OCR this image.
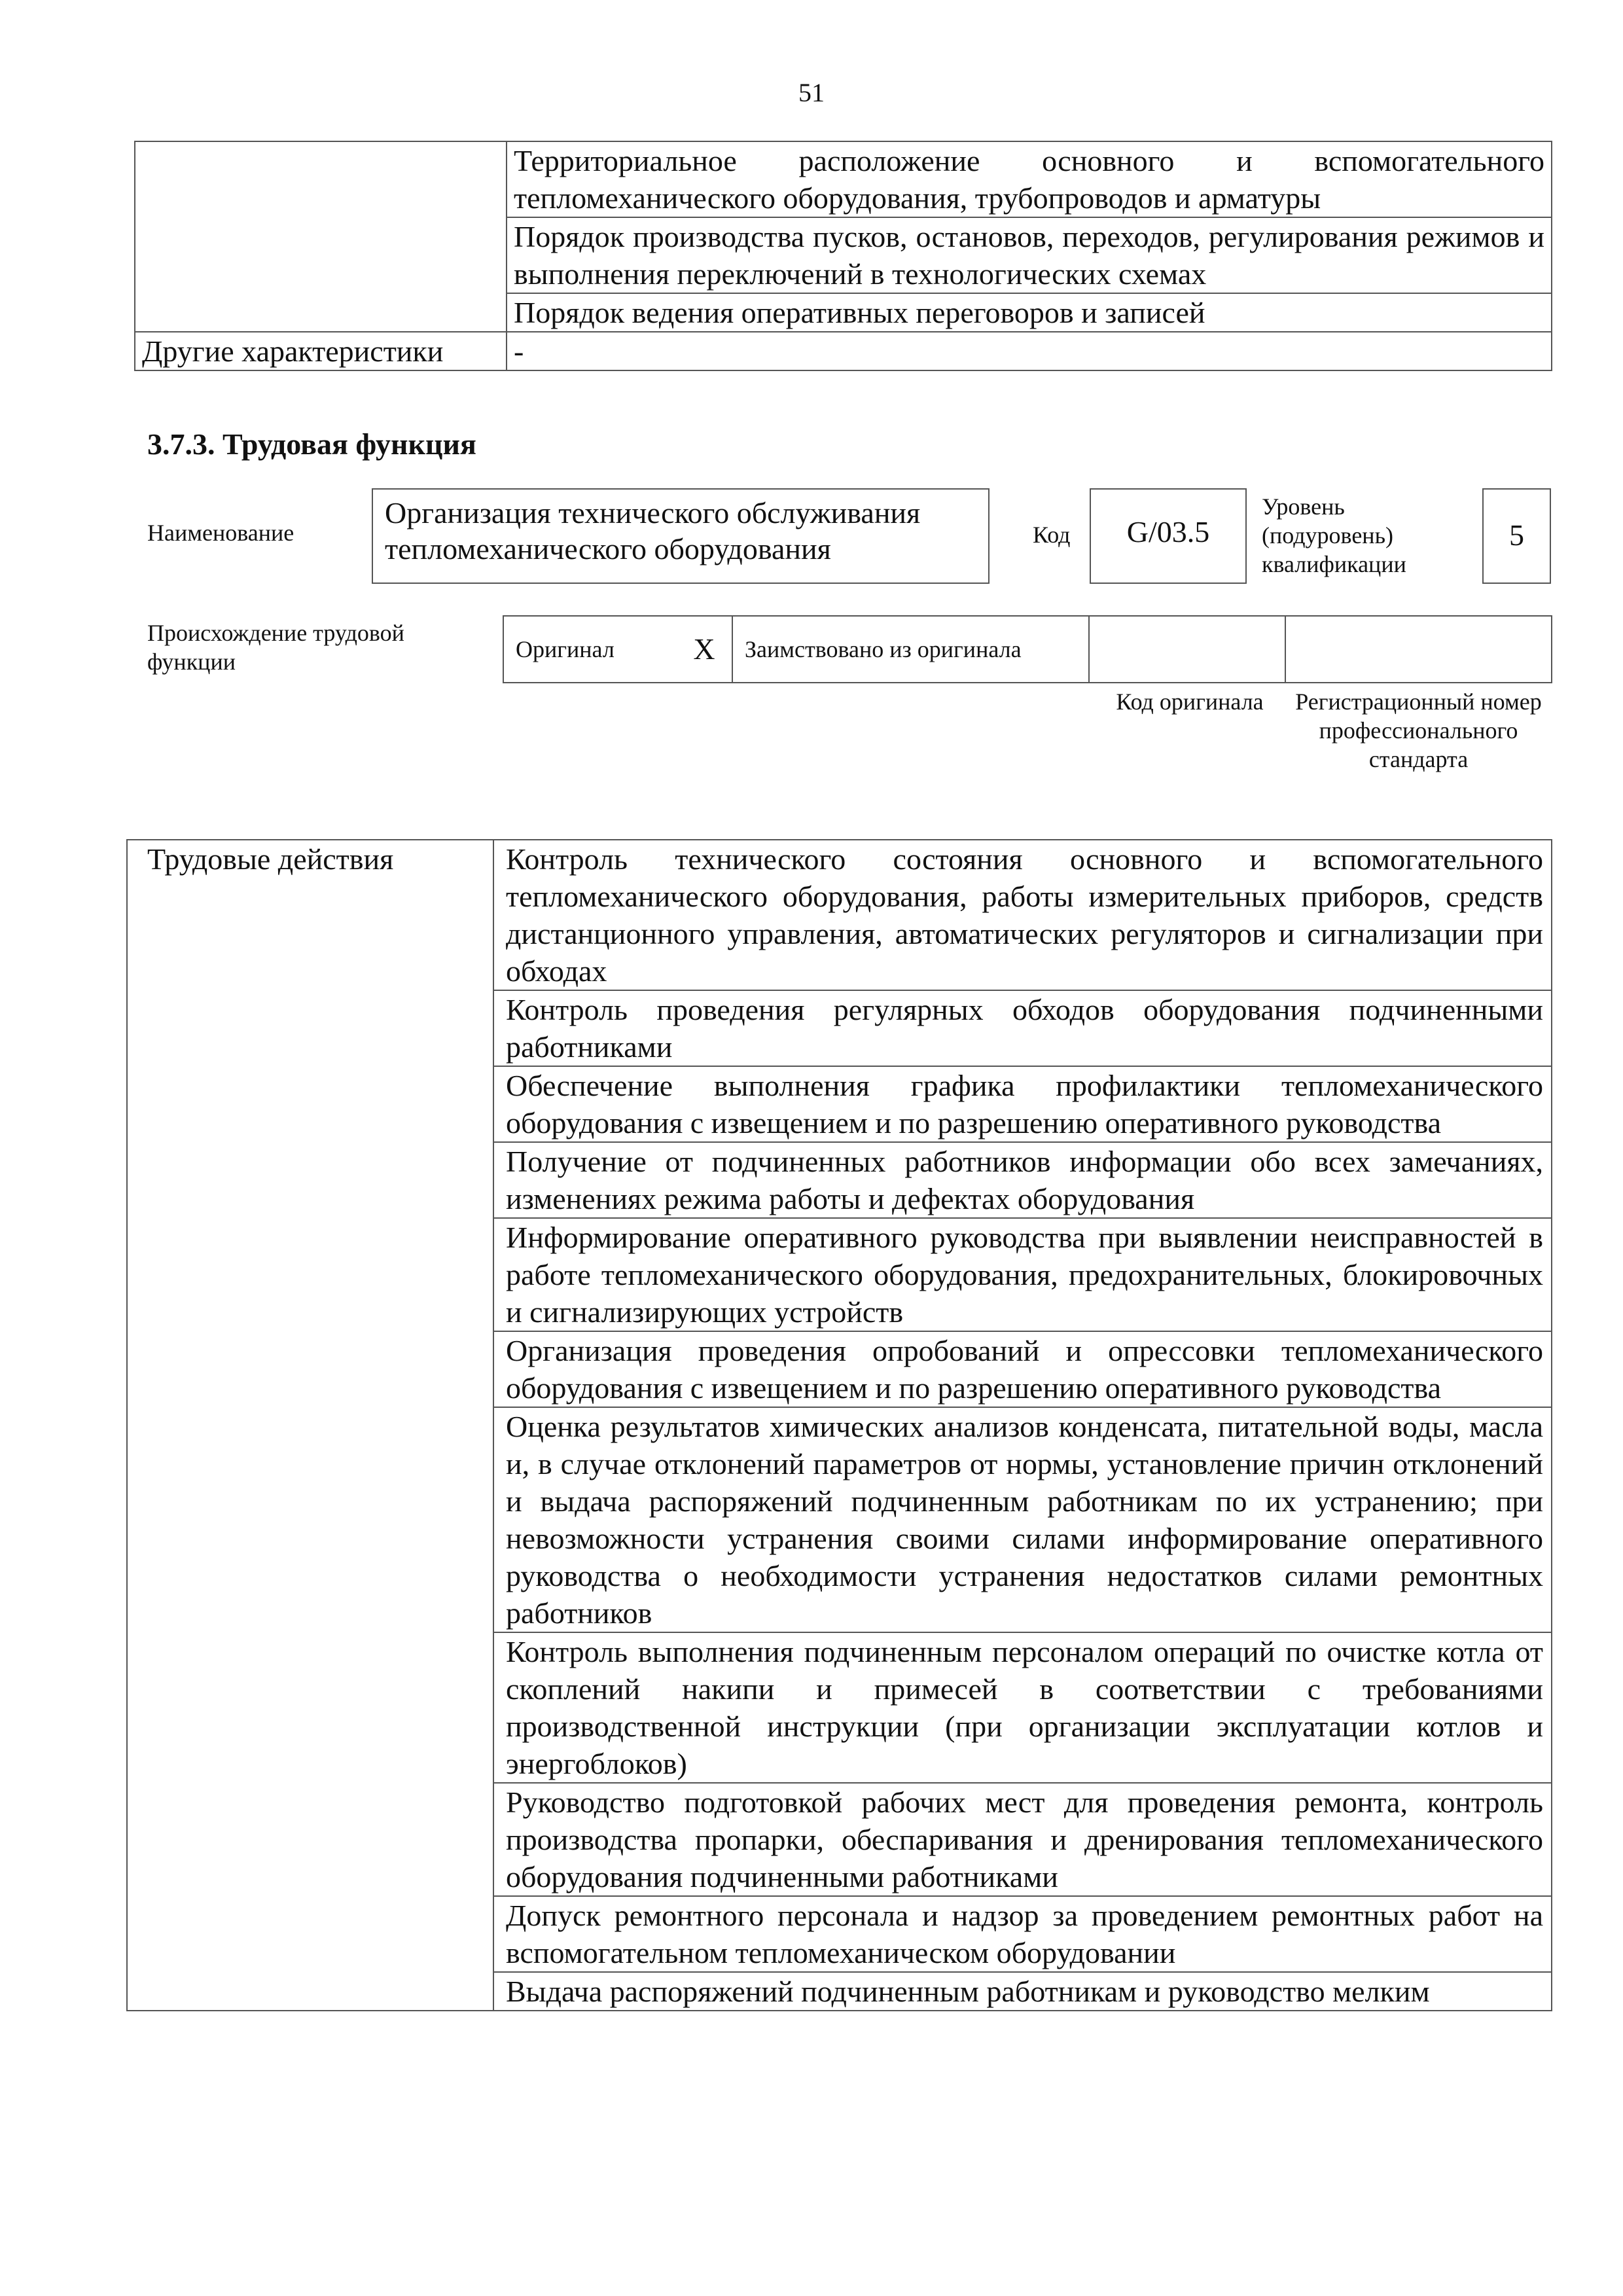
51
	Территориальное расположение основного и вспомогательного тепломеханического оборудования, трубопроводов и арматуры
	Порядок производства пусков, остановов, переходов, регулирования режимов и выполнения переключений в технологических схемах
	Порядок ведения оперативных переговоров и записей
Другие характеристики	-
3.7.3. Трудовая функция
Наименование
Организация технического обслуживания тепломеханического оборудования	Код	G/03.5
Уровень (подуровень) квалификации
5
Происхождение трудовой функции	Оригинал	X	Заимствовано из оригинала		
Код оригинала	Регистрационный номер профессионального стандарта
Трудовые действия	Контроль технического состояния основного и вспомогательного тепломеханического оборудования, работы измерительных приборов, средств дистанционного управления, автоматических регуляторов и сигнализации при обходах
Контроль проведения регулярных обходов оборудования подчиненными работниками
Обеспечение выполнения графика профилактики тепломеханического оборудования с извещением и по разрешению оперативного руководства
Получение от подчиненных работников информации обо всех замечаниях, изменениях режима работы и дефектах оборудования
Информирование оперативного руководства при выявлении неисправностей в работе тепломеханического оборудования, предохранительных, блокировочных и сигнализирующих устройств
Организация проведения опробований и опрессовки тепломеханического оборудования с извещением и по разрешению оперативного руководства
Оценка результатов химических анализов конденсата, питательной воды, масла и, в случае отклонений параметров от нормы, установление причин отклонений и выдача распоряжений подчиненным работникам по их устранению; при невозможности устранения своими силами информирование оперативного руководства о необходимости устранения недостатков силами ремонтных работников
Контроль выполнения подчиненным персоналом операций по очистке котла от скоплений накипи и примесей в соответствии с требованиями производственной инструкции (при организации эксплуатации котлов и энергоблоков)
Руководство подготовкой рабочих мест для проведения ремонта, контроль производства пропарки, обеспаривания и дренирования тепломеханического оборудования подчиненными работниками
Допуск ремонтного персонала и надзор за проведением ремонтных работ на вспомогательном тепломеханическом оборудовании
Выдача распоряжений подчиненным работникам и руководство мелким
